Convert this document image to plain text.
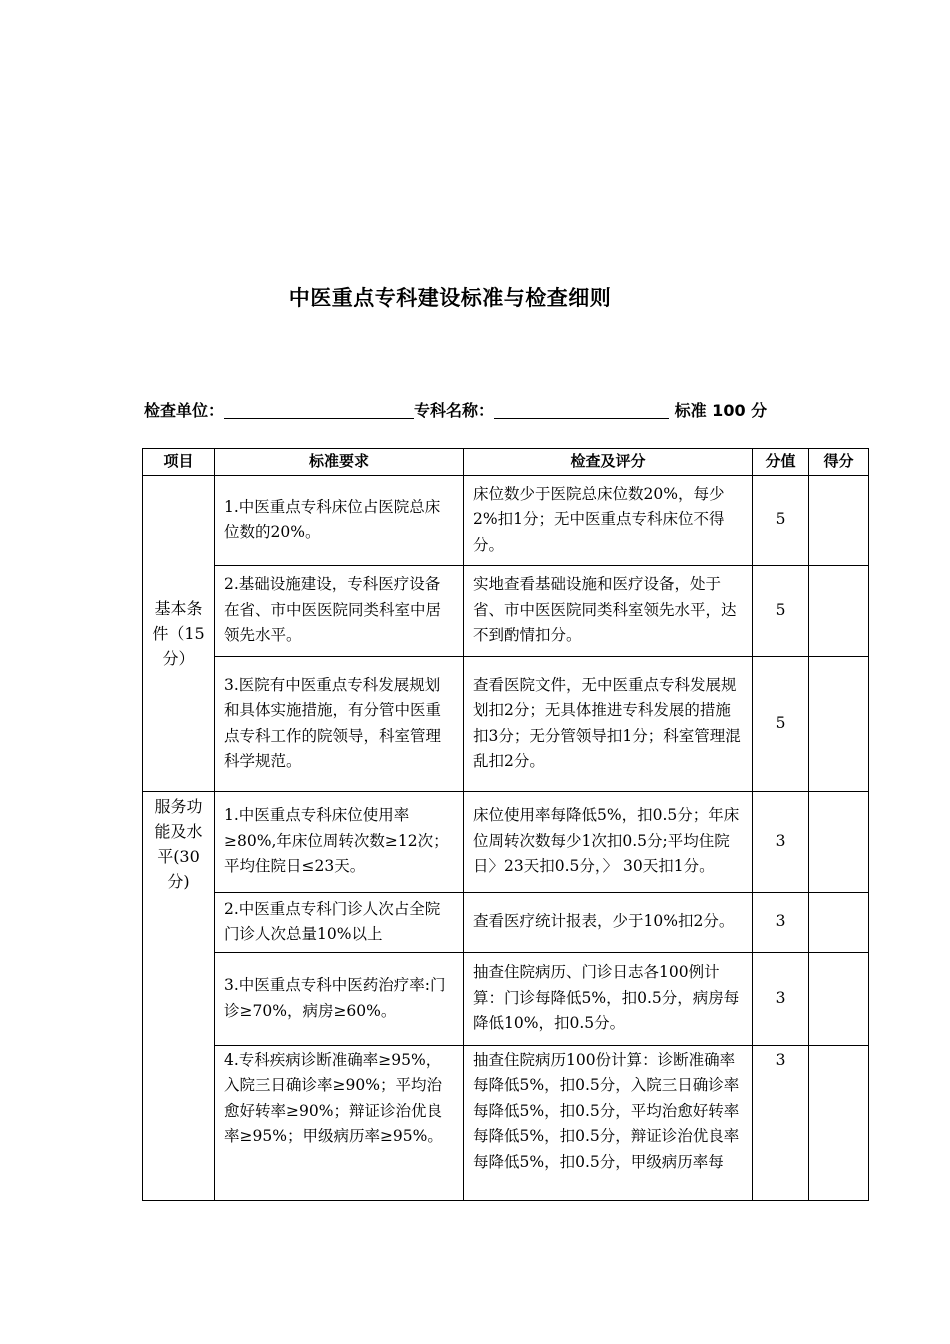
中医重点专科建设标准与检查细则
检查单位：	专科名称：	标准 100 分
项目	标准要求	检查及评分	分值	得分
基本条件（15分）	1.中医重点专科床位占医院总床位数的20%。	床位数少于医院总床位数20%，每少2%扣1分；无中医重点专科床位不得分。	5	
	2.基础设施建设，专科医疗设备在省、市中医医院同类科室中居领先水平。	实地查看基础设施和医疗设备，处于省、市中医医院同类科室领先水平，达不到酌情扣分。	5	
	3.医院有中医重点专科发展规划和具体实施措施，有分管中医重点专科工作的院领导，科室管理科学规范。	查看医院文件，无中医重点专科发展规划扣2分；无具体推进专科发展的措施扣3分；无分管领导扣1分；科室管理混乱扣2分。	5	
服务功能及水平(30分)	1.中医重点专科床位使用率≥80%,年床位周转次数≥12次；平均住院日≤23天。	床位使用率每降低5%，扣0.5分；年床位周转次数每少1次扣0.5分;平均住院日〉23天扣0.5分，〉 30天扣1分。	3	
	2.中医重点专科门诊人次占全院门诊人次总量10%以上	查看医疗统计报表，少于10%扣2分。	3	
	3.中医重点专科中医药治疗率:门诊≥70%，病房≥60%。	抽查住院病历、门诊日志各100例计算：门诊每降低5%，扣0.5分，病房每降低10%，扣0.5分。	3	

	4.专科疾病诊断准确率≥95%，入院三日确诊率≥90%；平均治愈好转率≥90%；辩证诊治优良率≥95%；甲级病历率≥95%。	抽查住院病历100份计算：诊断准确率每降低5%，扣0.5分，入院三日确诊率每降低5%，扣0.5分，平均治愈好转率每降低5%，扣0.5分，辩证诊治优良率每降低5%，扣0.5分，甲级病历率每	3	
